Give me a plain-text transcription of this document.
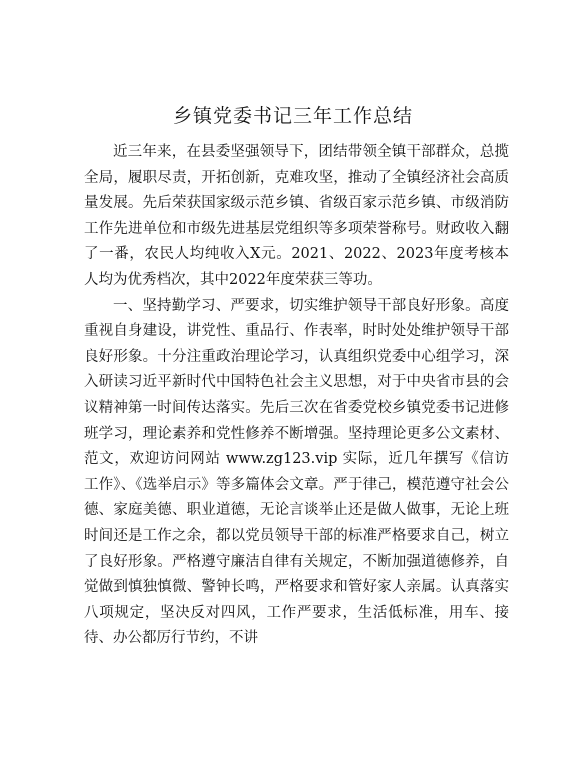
乡镇党委书记三年工作总结

近三年来，在县委坚强领导下，团结带领全镇干部群众，总揽全局，履职尽责，开拓创新，克难攻坚，推动了全镇经济社会高质量发展。先后荣获国家级示范乡镇、省级百家示范乡镇、市级消防工作先进单位和市级先进基层党组织等多项荣誉称号。财政收入翻了一番，农民人均纯收入X元。2021、2022、2023年度考核本人均为优秀档次，其中2022年度荣获三等功。

一、坚持勤学习、严要求，切实维护领导干部良好形象。高度重视自身建设，讲党性、重品行、作表率，时时处处维护领导干部良好形象。十分注重政治理论学习，认真组织党委中心组学习，深入研读习近平新时代中国特色社会主义思想，对于中央省市县的会议精神第一时间传达落实。先后三次在省委党校乡镇党委书记进修班学习，理论素养和党性修养不断增强。坚持理论更多公文素材、范文，欢迎访问网站 www.zg123.vip 实际，近几年撰写《信访工作》、《选举启示》等多篇体会文章。严于律己，模范遵守社会公德、家庭美德、职业道德，无论言谈举止还是做人做事，无论上班时间还是工作之余，都以党员领导干部的标准严格要求自己，树立了良好形象。严格遵守廉洁自律有关规定，不断加强道德修养，自觉做到慎独慎微、警钟长鸣，严格要求和管好家人亲属。认真落实八项规定，坚决反对四风，工作严要求，生活低标准，用车、接待、办公都厉行节约，不讲
